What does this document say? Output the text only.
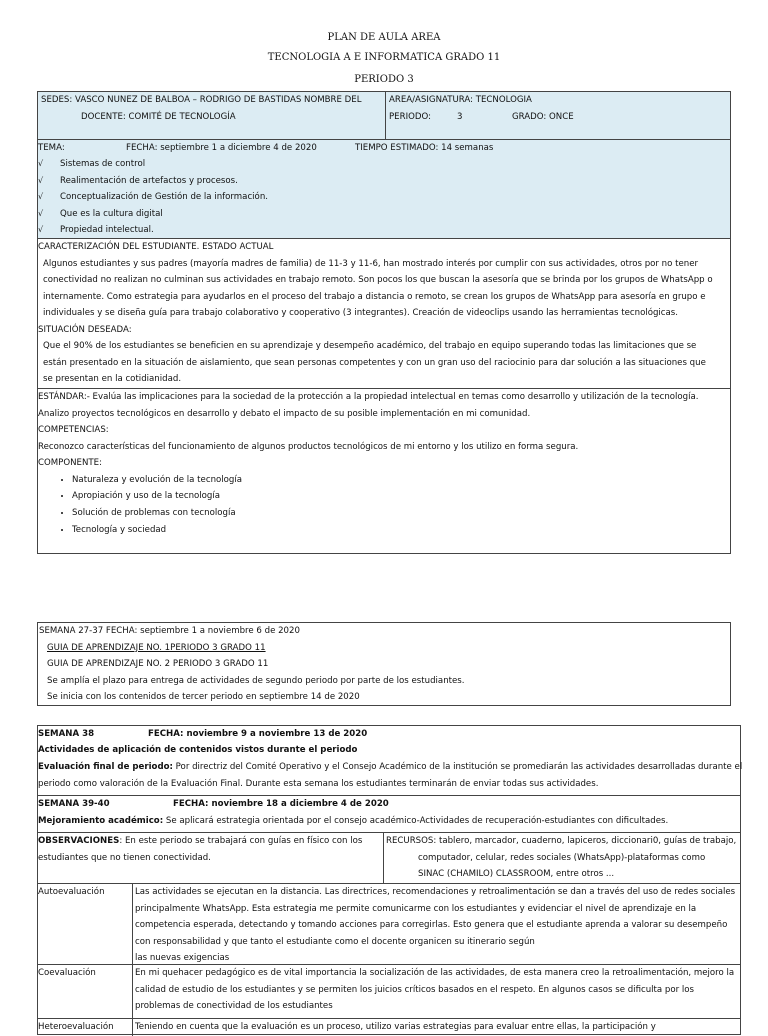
PLAN DE AULA AREA
TECNOLOGIA A E INFORMATICA GRADO 11
PERIODO 3
SEDES: VASCO NUNEZ DE BALBOA – RODRIGO DE BASTIDAS NOMBRE DEL
DOCENTE: COMITÉ DE TECNOLOGÍA
AREA/ASIGNATURA: TECNOLOGIA
PERIODO:	3	GRADO: ONCE
TEMA:	FECHA: septiembre 1 a diciembre 4 de 2020	TIEMPO ESTIMADO: 14 semanas
√ Sistemas de control
√ Realimentación de artefactos y procesos.
√ Conceptualización de Gestión de la información.
√ Que es la cultura digital
√ Propiedad intelectual.
CARACTERIZACIÓN DEL ESTUDIANTE. ESTADO ACTUAL
Algunos estudiantes y sus padres (mayoría madres de familia) de 11-3 y 11-6, han mostrado interés por cumplir con sus actividades, otros por no tener
conectividad no realizan no culminan sus actividades en trabajo remoto. Son pocos los que buscan la asesoría que se brinda por los grupos de WhatsApp o
internamente. Como estrategia para ayudarlos en el proceso del trabajo a distancia o remoto, se crean los grupos de WhatsApp para asesoría en grupo e
individuales y se diseña guía para trabajo colaborativo y cooperativo (3 integrantes). Creación de videoclips usando las herramientas tecnológicas.
SITUACIÓN DESEADA:
Que el 90% de los estudiantes se beneficien en su aprendizaje y desempeño académico, del trabajo en equipo superando todas las limitaciones que se
están presentado en la situación de aislamiento, que sean personas competentes y con un gran uso del raciocinio para dar solución a las situaciones que
se presentan en la cotidianidad.
ESTÁNDAR:- Evalúa las implicaciones para la sociedad de la protección a la propiedad intelectual en temas como desarrollo y utilización de la tecnología.
Analizo proyectos tecnológicos en desarrollo y debato el impacto de su posible implementación en mi comunidad.
COMPETENCIAS:
Reconozco características del funcionamiento de algunos productos tecnológicos de mi entorno y los utilizo en forma segura.
COMPONENTE:
• Naturaleza y evolución de la tecnología
• Apropiación y uso de la tecnología
• Solución de problemas con tecnología
• Tecnología y sociedad
SEMANA 27-37 FECHA: septiembre 1 a noviembre 6 de 2020
GUIA DE APRENDIZAJE NO. 1PERIODO 3 GRADO 11
GUIA DE APRENDIZAJE NO. 2 PERIODO 3 GRADO 11
Se amplía el plazo para entrega de actividades de segundo periodo por parte de los estudiantes.
Se inicia con los contenidos de tercer periodo en septiembre 14 de 2020
SEMANA 38	FECHA: noviembre 9 a noviembre 13 de 2020
Actividades de aplicación de contenidos vistos durante el periodo
Evaluación final de periodo: Por directriz del Comité Operativo y el Consejo Académico de la institución se promediarán las actividades desarrolladas durante el
periodo como valoración de la Evaluación Final. Durante esta semana los estudiantes terminarán de enviar todas sus actividades.
SEMANA 39-40	FECHA: noviembre 18 a diciembre 4 de 2020
Mejoramiento académico: Se aplicará estrategia orientada por el consejo académico-Actividades de recuperación-estudiantes con dificultades.
OBSERVACIONES: En este periodo se trabajará con guías en físico con los
estudiantes que no tienen conectividad.
RECURSOS: tablero, marcador, cuaderno, lapiceros, diccionari0, guías de trabajo,
computador, celular, redes sociales (WhatsApp)-plataformas como
SINAC (CHAMILO) CLASSROOM, entre otros ...
Autoevaluación	Las actividades se ejecutan en la distancia. Las directrices, recomendaciones y retroalimentación se dan a través del uso de redes sociales
principalmente WhatsApp. Esta estrategia me permite comunicarme con los estudiantes y evidenciar el nivel de aprendizaje en la
competencia esperada, detectando y tomando acciones para corregirlas. Esto genera que el estudiante aprenda a valorar su desempeño
con responsabilidad y que tanto el estudiante como el docente organicen su itinerario según
las nuevas exigencias
Coevaluación	En mi quehacer pedagógico es de vital importancia la socialización de las actividades, de esta manera creo la retroalimentación, mejoro la
calidad de estudio de los estudiantes y se permiten los juicios críticos basados en el respeto. En algunos casos se dificulta por los
problemas de conectividad de los estudiantes
Heteroevaluación Teniendo en cuenta que la evaluación es un proceso, utilizo varias estrategias para evaluar entre ellas, la participación y
